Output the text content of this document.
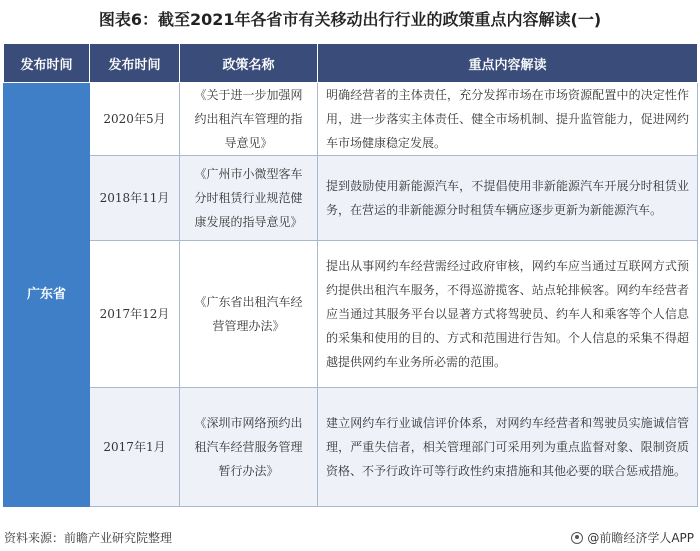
图表6：截至2021年各省市有关移动出行行业的政策重点内容解读(一)
发布时间	发布时间	政策名称	重点内容解读
广东省	2020年5月	《关于进一步加强网约出租汽车管理的指导意见》	明确经营者的主体责任，充分发挥市场在市场资源配置中的决定性作用，进一步落实主体责任、健全市场机制、提升监管能力，促进网约车市场健康稳定发展。
	2018年11月	《广州市小微型客车分时租赁行业规范健康发展的指导意见》	提到鼓励使用新能源汽车，不提倡使用非新能源汽车开展分时租赁业务，在营运的非新能源分时租赁车辆应逐步更新为新能源汽车。
	2017年12月	《广东省出租汽车经营管理办法》	提出从事网约车经营需经过政府审核，网约车应当通过互联网方式预约提供出租汽车服务，不得巡游揽客、站点轮排候客。网约车经营者应当通过其服务平台以显著方式将驾驶员、约车人和乘客等个人信息的采集和使用的目的、方式和范围进行告知。个人信息的采集不得超越提供网约车业务所必需的范围。
	2017年1月	《深圳市网络预约出租汽车经营服务管理暂行办法》	建立网约车行业诚信评价体系，对网约车经营者和驾驶员实施诚信管理，严重失信者，相关管理部门可采用列为重点监督对象、限制资质资格、不予行政许可等行政性约束措施和其他必要的联合惩戒措施。
资料来源：前瞻产业研究院整理	@前瞻经济学人APP
